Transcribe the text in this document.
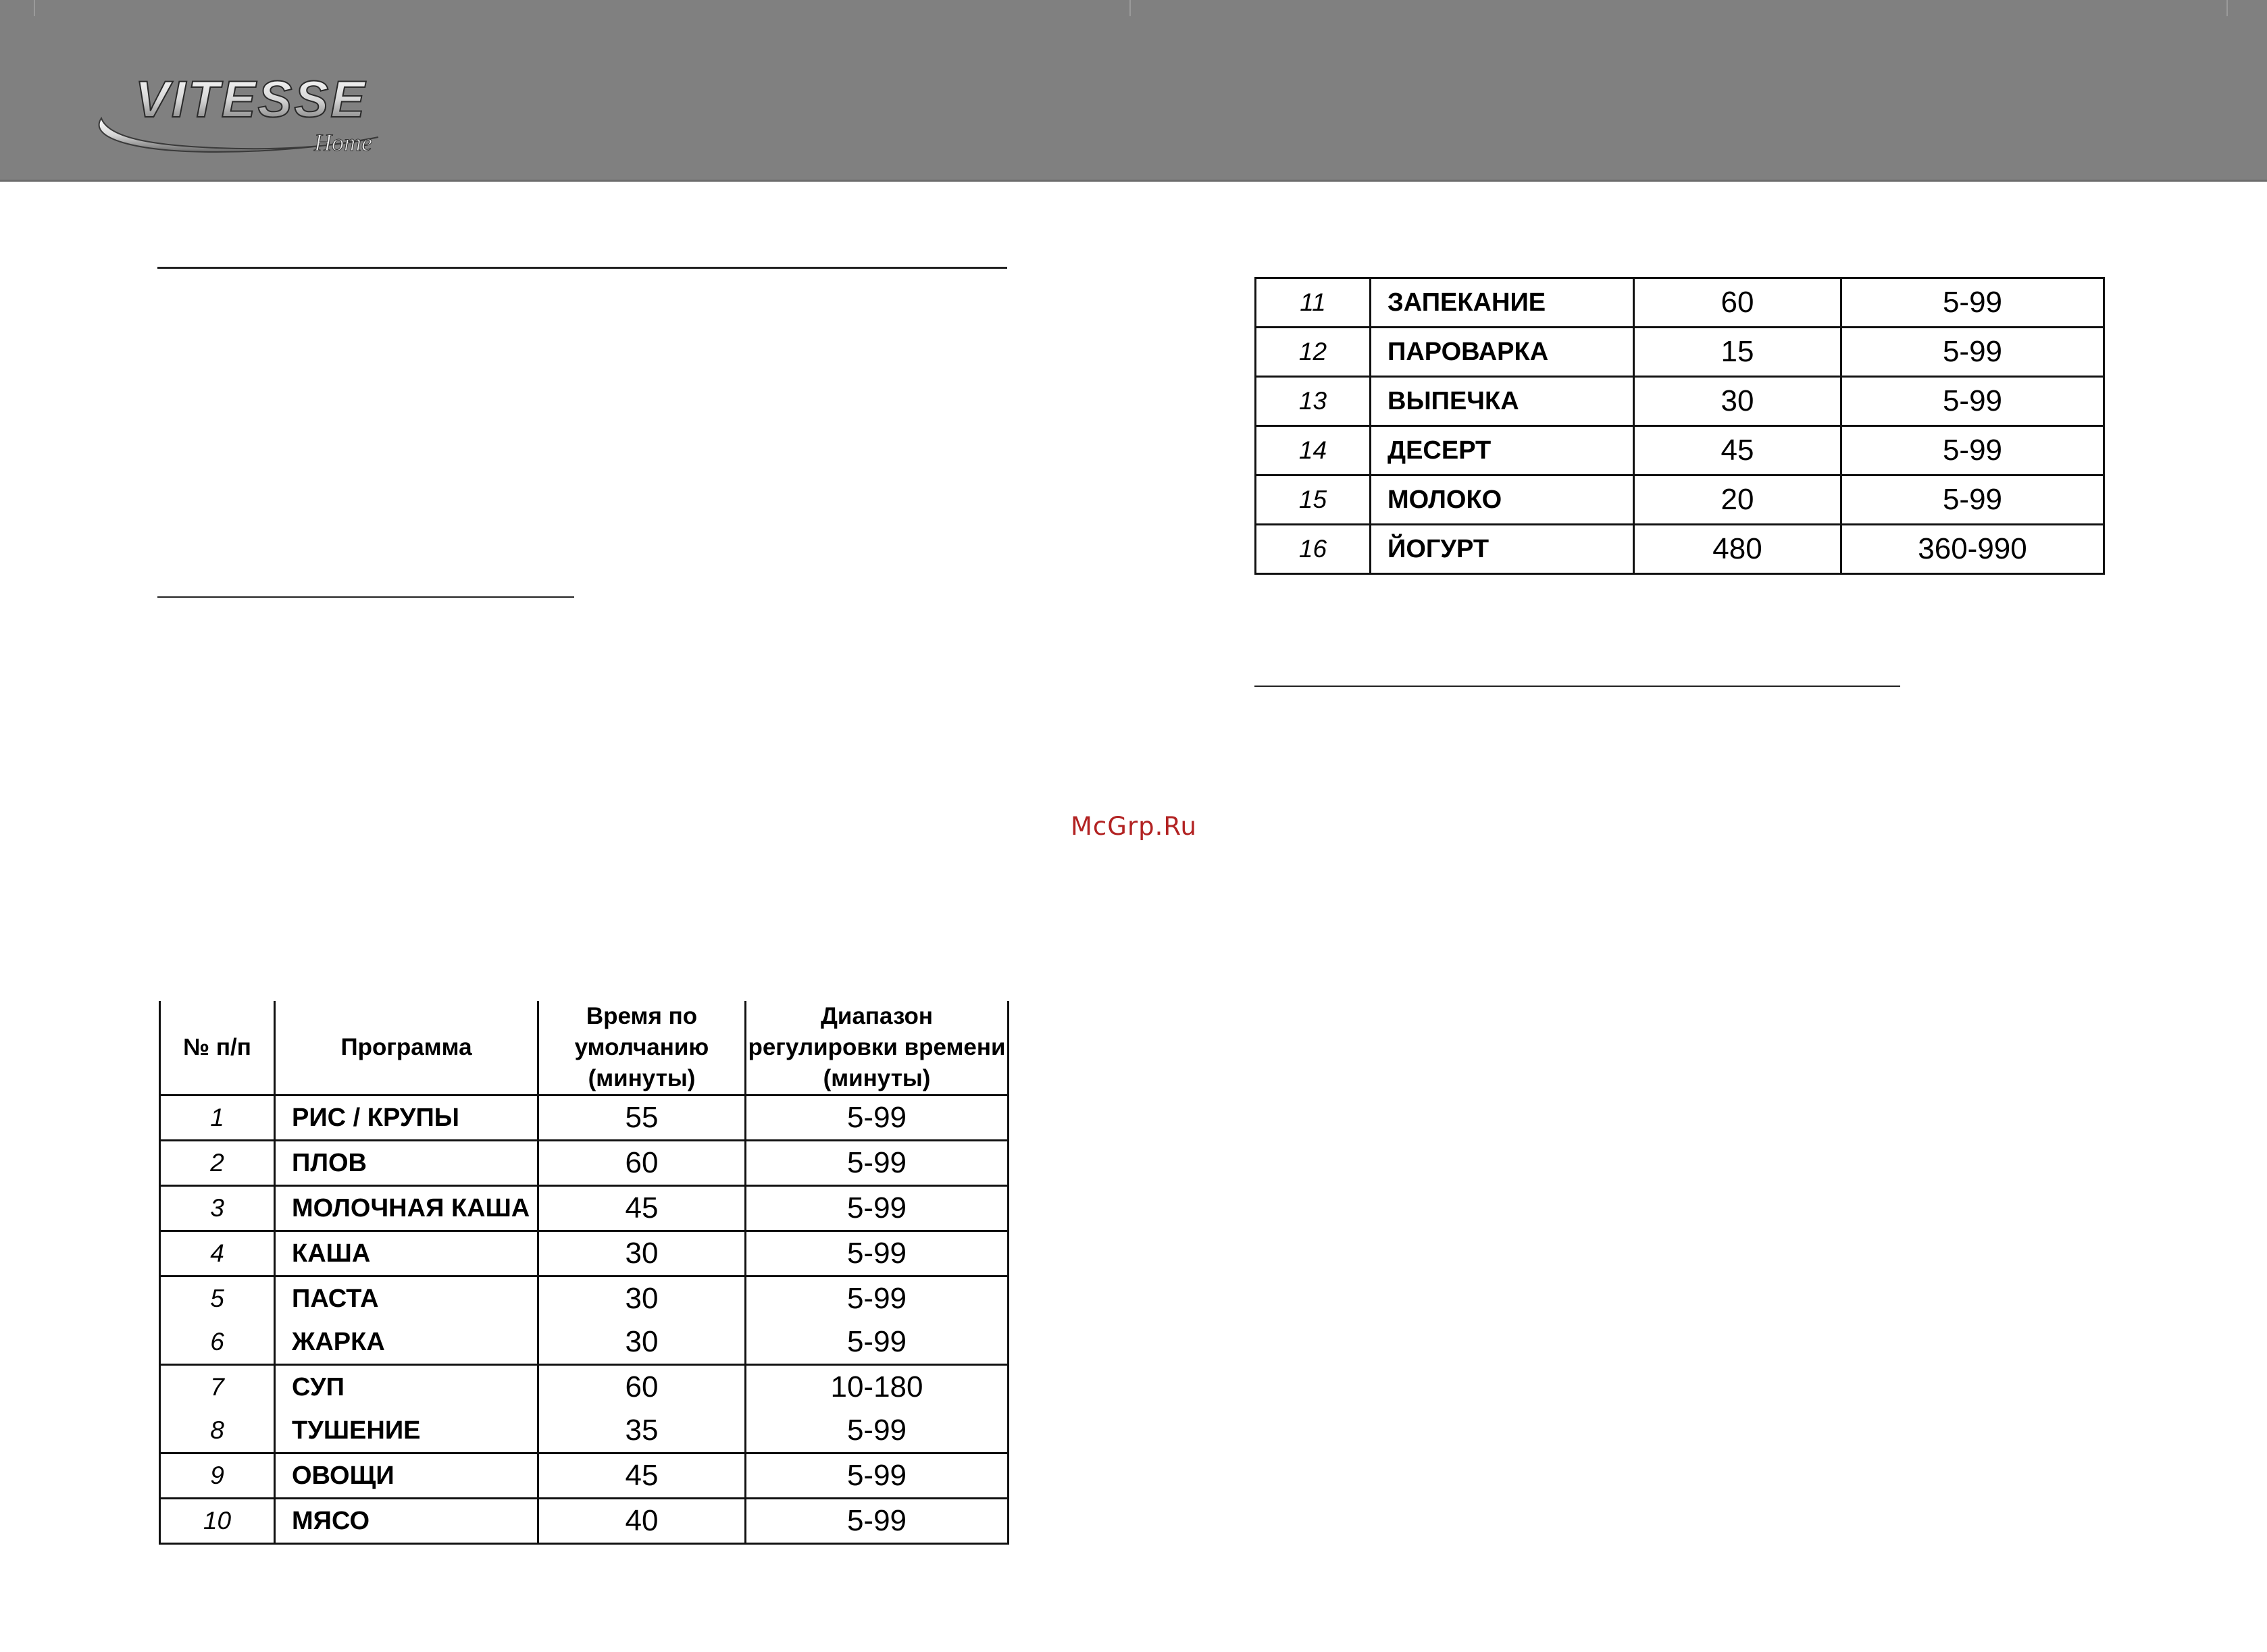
VITESSE
Home
McGrp.Ru
№ п/п	Программа	Время по умолчанию (минуты)	Диапазон регулировки времени (минуты)
1	РИС / КРУПЫ	55	5-99
2	ПЛОВ	60	5-99
3	МОЛОЧНАЯ КАША	45	5-99
4	КАША	30	5-99
5	ПАСТА	30	5-99
6	ЖАРКА	30	5-99
7	СУП	60	10-180
8	ТУШЕНИЕ	35	5-99
9	ОВОЩИ	45	5-99
10	МЯСО	40	5-99
11	ЗАПЕКАНИЕ	60	5-99
12	ПАРОВАРКА	15	5-99
13	ВЫПЕЧКА	30	5-99
14	ДЕСЕРТ	45	5-99
15	МОЛОКО	20	5-99
16	ЙОГУРТ	480	360-990
